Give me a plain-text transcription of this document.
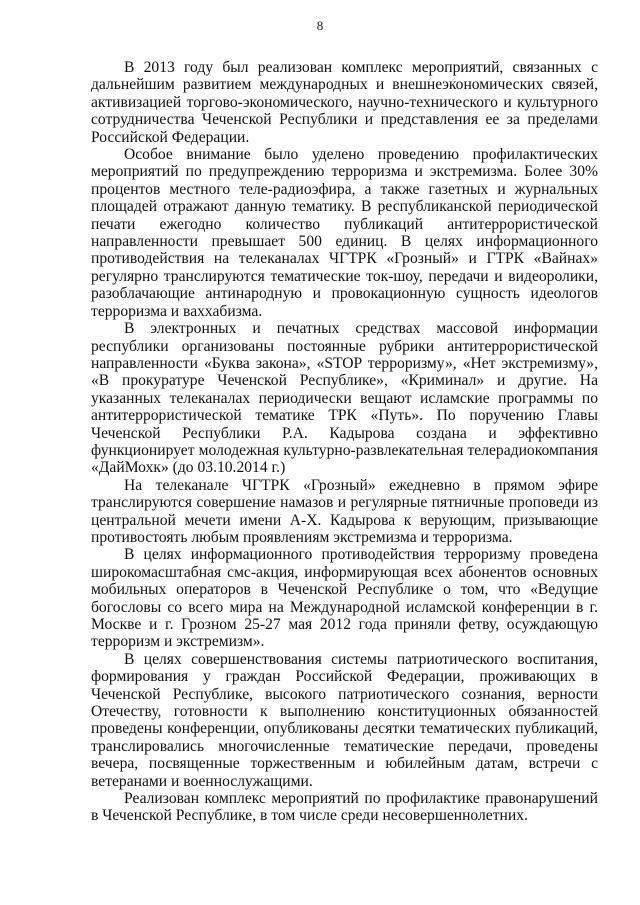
8

В 2013 году был реализован комплекс мероприятий, связанных с дальнейшим развитием международных и внешнеэкономических связей, активизацией торгово-экономического, научно-технического и культурного сотрудничества Чеченской Республики и представления ее за пределами Российской Федерации.

Особое внимание было уделено проведению профилактических мероприятий по предупреждению терроризма и экстремизма. Более 30% процентов местного теле-радиоэфира, а также газетных и журнальных площадей отражают данную тематику. В республиканской периодической печати ежегодно количество публикаций антитеррористической направленности превышает 500 единиц. В целях информационного противодействия на телеканалах ЧГТРК «Грозный» и ГТРК «Вайнах» регулярно транслируются тематические ток-шоу, передачи и видеоролики, разоблачающие антинародную и провокационную сущность идеологов терроризма и ваххабизма.

В электронных и печатных средствах массовой информации республики организованы постоянные рубрики антитеррористической направленности «Буква закона», «STOP терроризму», «Нет экстремизму», «В прокуратуре Чеченской Республике», «Криминал» и другие. На указанных телеканалах периодически вещают исламские программы по антитеррористической тематике ТРК «Путь». По поручению Главы Чеченской Республики Р.А. Кадырова создана и эффективно функционирует молодежная культурно-развлекательная телерадиокомпания «ДайМохк» (до 03.10.2014 г.)

На телеканале ЧГТРК «Грозный» ежедневно в прямом эфире транслируются совершение намазов и регулярные пятничные проповеди из центральной мечети имени А-Х. Кадырова к верующим, призывающие противостоять любым проявлениям экстремизма и терроризма.

В целях информационного противодействия терроризму проведена широкомасштабная смс-акция, информирующая всех абонентов основных мобильных операторов в Чеченской Республике о том, что «Ведущие богословы со всего мира на Международной исламской конференции в г. Москве и г. Грозном 25-27 мая 2012 года приняли фетву, осуждающую терроризм и экстремизм».

В целях совершенствования системы патриотического воспитания, формирования у граждан Российской Федерации, проживающих в Чеченской Республике, высокого патриотического сознания, верности Отечеству, готовности к выполнению конституционных обязанностей проведены конференции, опубликованы десятки тематических публикаций, транслировались многочисленные тематические передачи, проведены вечера, посвященные торжественным и юбилейным датам, встречи с ветеранами и военнослужащими.

Реализован комплекс мероприятий по профилактике правонарушений в Чеченской Республике, в том числе среди несовершеннолетних.
